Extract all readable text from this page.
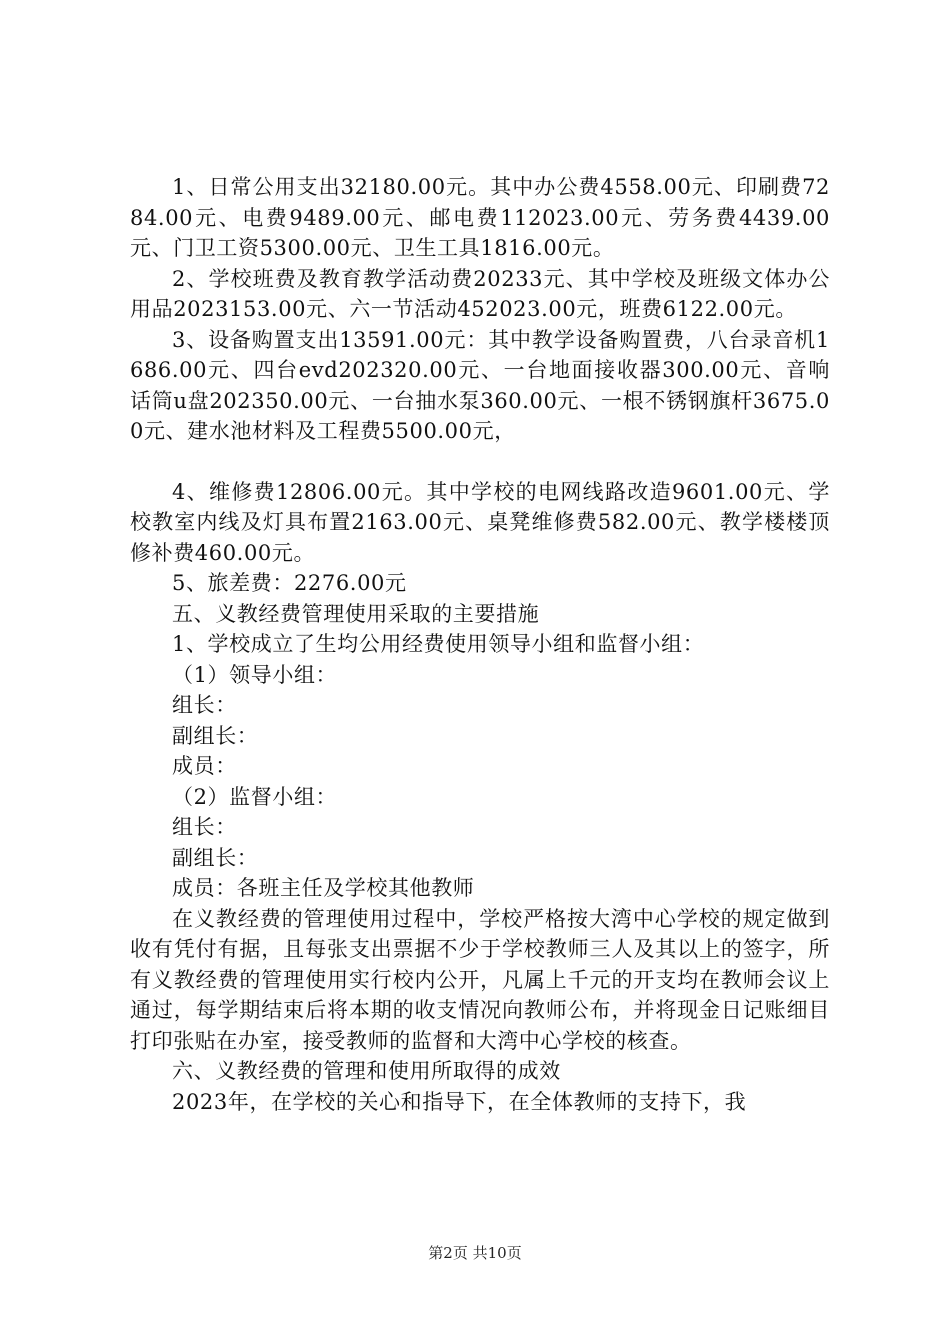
1、日常公用支出32180.00元。其中办公费4558.00元、印刷费7284.00元、电费9489.00元、邮电费112023.00元、劳务费4439.00元、门卫工资5300.00元、卫生工具1816.00元。

2、学校班费及教育教学活动费20233元、其中学校及班级文体办公用品2023153.00元、六一节活动452023.00元，班费6122.00元。

3、设备购置支出13591.00元：其中教学设备购置费，八台录音机1686.00元、四台evd202320.00元、一台地面接收器300.00元、音响话筒u盘202350.00元、一台抽水泵360.00元、一根不锈钢旗杆3675.00元、建水池材料及工程费5500.00元，

4、维修费12806.00元。其中学校的电网线路改造9601.00元、学校教室内线及灯具布置2163.00元、桌凳维修费582.00元、教学楼楼顶修补费460.00元。

5、旅差费：2276.00元

五、义教经费管理使用采取的主要措施

1、学校成立了生均公用经费使用领导小组和监督小组：

（1）领导小组：

组长：

副组长：

成员：

（2）监督小组：

组长：

副组长：

成员：各班主任及学校其他教师

在义教经费的管理使用过程中，学校严格按大湾中心学校的规定做到收有凭付有据，且每张支出票据不少于学校教师三人及其以上的签字，所有义教经费的管理使用实行校内公开，凡属上千元的开支均在教师会议上通过，每学期结束后将本期的收支情况向教师公布，并将现金日记账细目打印张贴在办室，接受教师的监督和大湾中心学校的核查。

六、义教经费的管理和使用所取得的成效

2023年，在学校的关心和指导下，在全体教师的支持下，我

第2页 共10页
